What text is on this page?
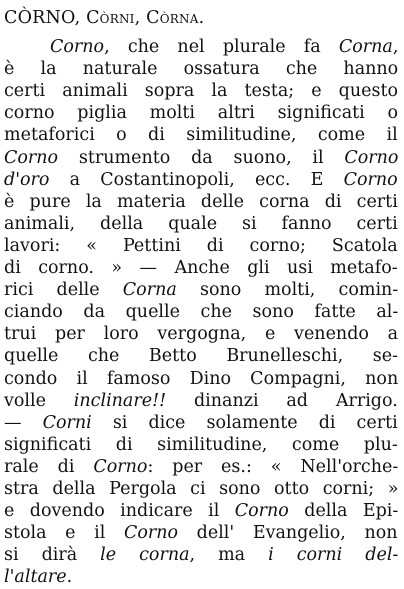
CÒRNO, Còrni, Còrna.
Corno, che nel plurale fa Corna,
è la naturale ossatura che hanno
certi animali sopra la testa; e questo
corno piglia molti altri significati o
metaforici o di similitudine, come il
Corno strumento da suono, il Corno
d'oro a Costantinopoli, ecc. E Corno
è pure la materia delle corna di certi
animali, della quale si fanno certi
lavori: « Pettini di corno; Scatola
di corno. » — Anche gli usi metafo-
rici delle Corna sono molti, comin-
ciando da quelle che sono fatte al-
trui per loro vergogna, e venendo a
quelle che Betto Brunelleschi, se-
condo il famoso Dino Compagni, non
volle inclinare!! dinanzi ad Arrigo.
— Corni si dice solamente di certi
significati di similitudine, come plu-
rale di Corno: per es.: « Nell'orche-
stra della Pergola ci sono otto corni; »
e dovendo indicare il Corno della Epi-
stola e il Corno dell' Evangelio, non
si dirà le corna, ma i corni del-
l'altare.
